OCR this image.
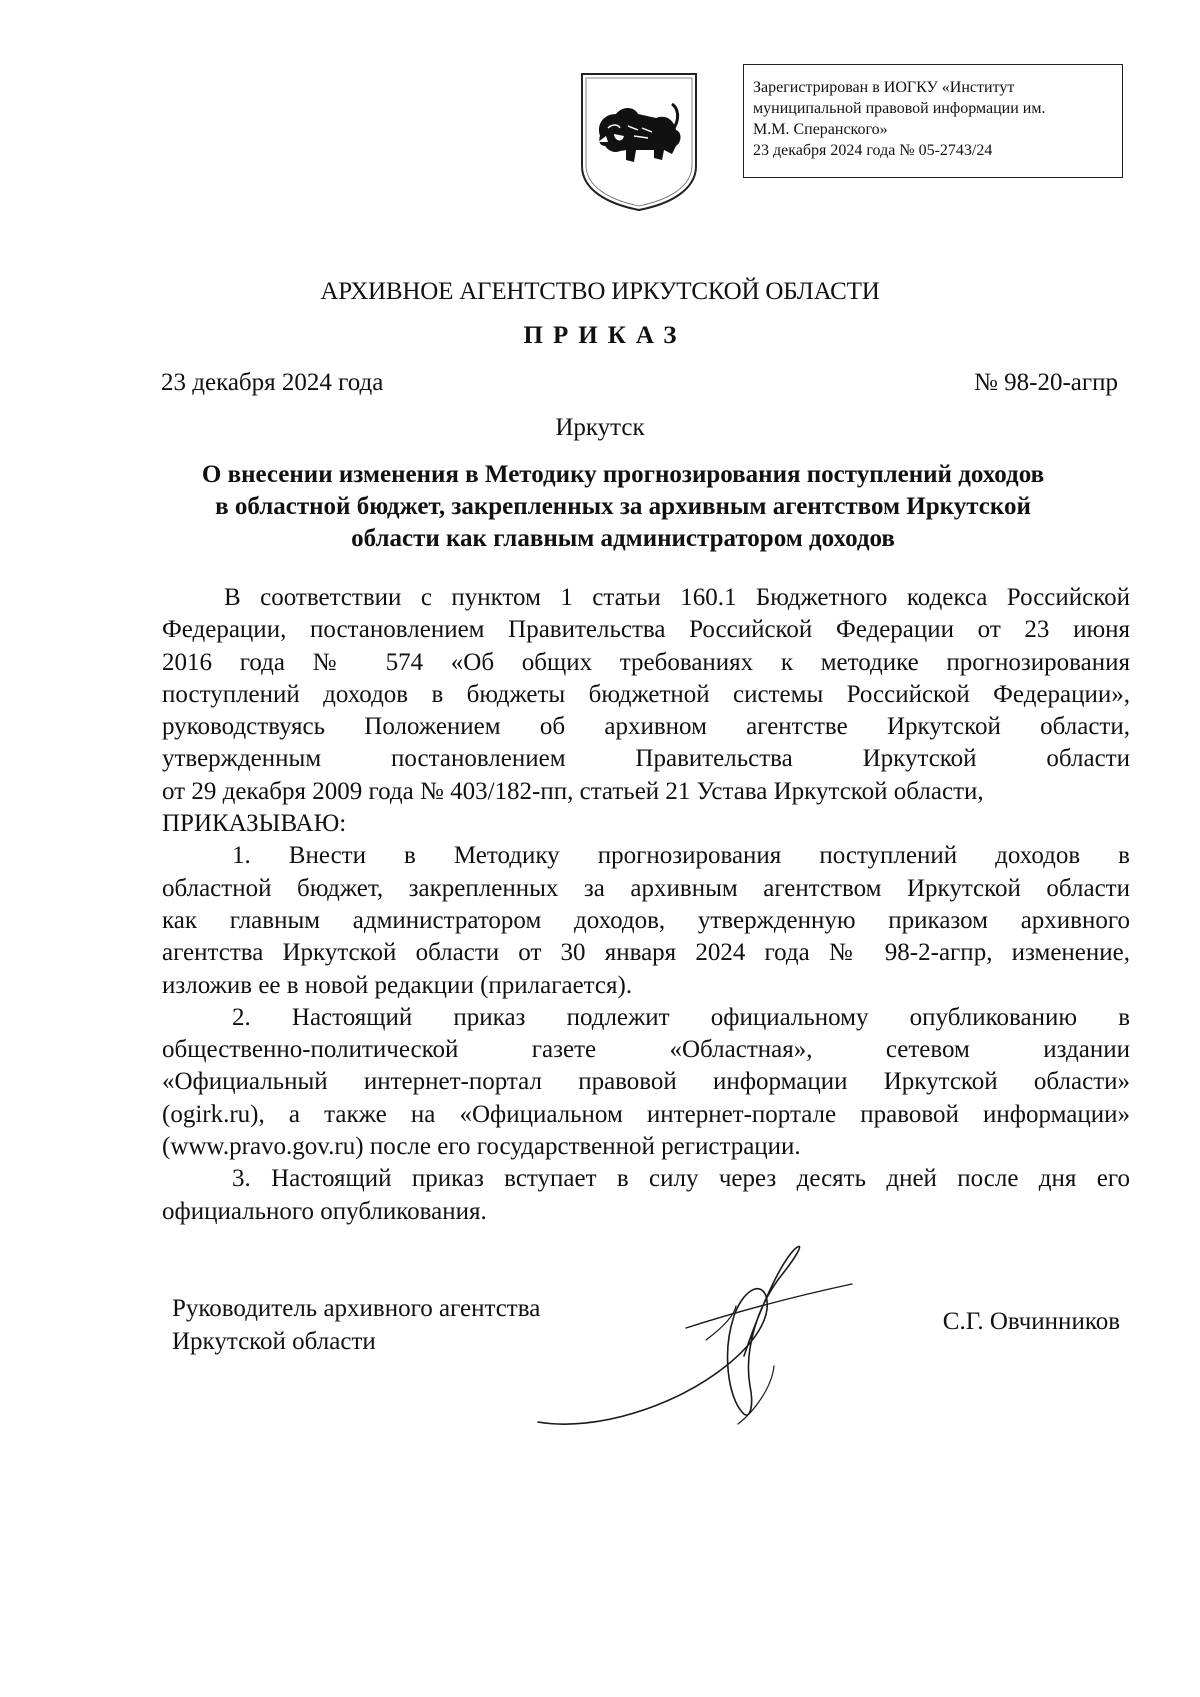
Зарегистрирован в ИОГКУ «Институт
муниципальной правовой информации им.
М.М. Сперанского»
23 декабря 2024 года № 05-2743/24
АРХИВНОЕ АГЕНТСТВО ИРКУТСКОЙ ОБЛАСТИ
ПРИКАЗ
23 декабря 2024 года	№ 98-20-агпр
Иркутск
О внесении изменения в Методику прогнозирования поступлений доходов
в областной бюджет, закрепленных за архивным агентством Иркутской
области как главным администратором доходов
В соответствии с пунктом 1 статьи 160.1 Бюджетного кодекса Российской
Федерации, постановлением Правительства Российской Федерации от 23 июня
2016 года № 574 «Об общих требованиях к методике прогнозирования
поступлений доходов в бюджеты бюджетной системы Российской Федерации»,
руководствуясь Положением об архивном агентстве Иркутской области,
утвержденным постановлением Правительства Иркутской области
от 29 декабря 2009 года № 403/182-пп, статьей 21 Устава Иркутской области,
ПРИКАЗЫВАЮ:
1. Внести в Методику прогнозирования поступлений доходов в
областной бюджет, закрепленных за архивным агентством Иркутской области
как главным администратором доходов, утвержденную приказом архивного
агентства Иркутской области от 30 января 2024 года № 98-2-агпр, изменение,
изложив ее в новой редакции (прилагается).
2. Настоящий приказ подлежит официальному опубликованию в
общественно-политической газете «Областная», сетевом издании
«Официальный интернет-портал правовой информации Иркутской области»
(ogirk.ru), а также на «Официальном интернет-портале правовой информации»
(www.pravo.gov.ru) после его государственной регистрации.
3. Настоящий приказ вступает в силу через десять дней после дня его
официального опубликования.
Руководитель архивного агентства
Иркутской области
С.Г. Овчинников
